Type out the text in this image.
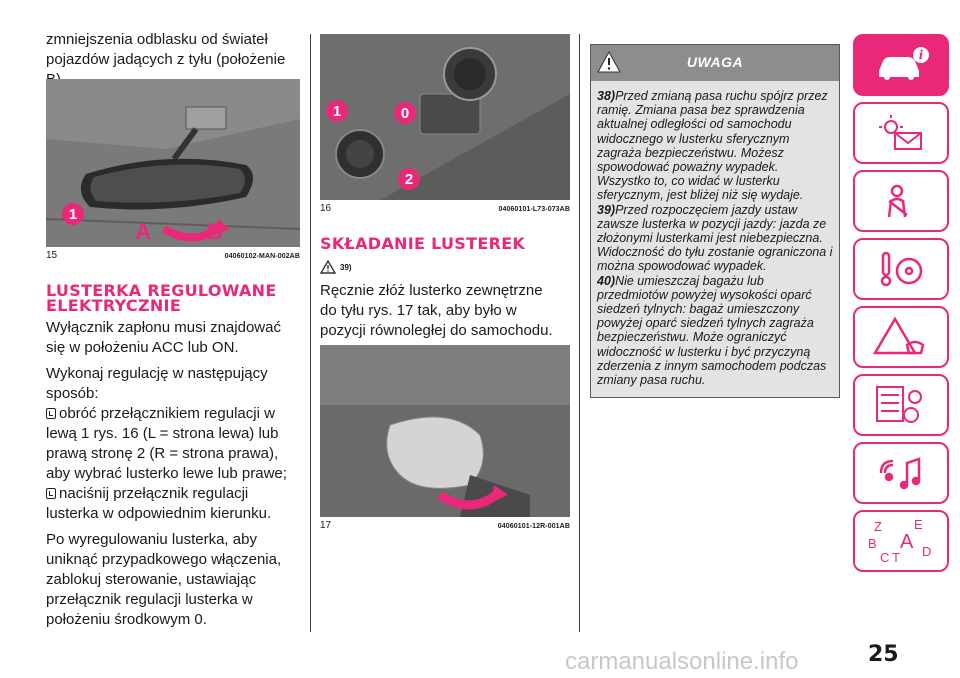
zmniejszenia odblasku od świateł pojazdów jadących z tyłu (położenie

1
A	B
15	04060102-MAN-002AB
LUSTERKA REGULOWANE ELEKTRYCZNIE

Wyłącznik zapłonu musi znajdować się w położeniu ACC lub ON.

Wykonaj regulację w następujący sposób:

obróć przełącznikiem regulacji w lewą 1 rys. 16 (L = strona lewa) lub prawą stronę 2 (R = strona prawa), aby wybrać lusterko lewe lub prawe;

naciśnij przełącznik regulacji lusterka w odpowiednim kierunku.

Po wyregulowaniu lusterka, aby uniknąć przypadkowego włączenia, zablokuj sterowanie, ustawiając przełącznik regulacji lusterka w położeniu środkowym 0.

1	0
2
16	04060101-L73-073AB
SKŁADANIE LUSTEREK
39)

Ręcznie złóż lusterko zewnętrzne do tyłu rys. 17 tak, aby było w pozycji równoległej do samochodu.

17	04060101-12R-001AB
UWAGA

38)Przed zmianą pasa ruchu spójrz przez ramię. Zmiana pasa bez sprawdzenia aktualnej odległości od samochodu widocznego w lusterku sferycznym zagraża bezpieczeństwu. Możesz spowodować poważny wypadek. Wszystko to, co widać w lusterku sferycznym, jest bliżej niż się wydaje.

39)Przed rozpoczęciem jazdy ustaw zawsze lusterka w pozycji jazdy: jazda ze złożonymi lusterkami jest niebezpieczna. Widoczność do tyłu zostanie ograniczona i można spowodować wypadek.

40)Nie umieszczaj bagażu lub przedmiotów powyżej wysokości oparć siedzeń tylnych: bagaż umieszczony powyżej oparć siedzeń tylnych zagraża bezpieczeństwu. Może ograniczyć widoczność w lusterku i być przyczyną zderzenia z innym samochodem podczas zmiany pasa ruchu.

i
Z E
B A
C T D
25
carmanualsonline.info
